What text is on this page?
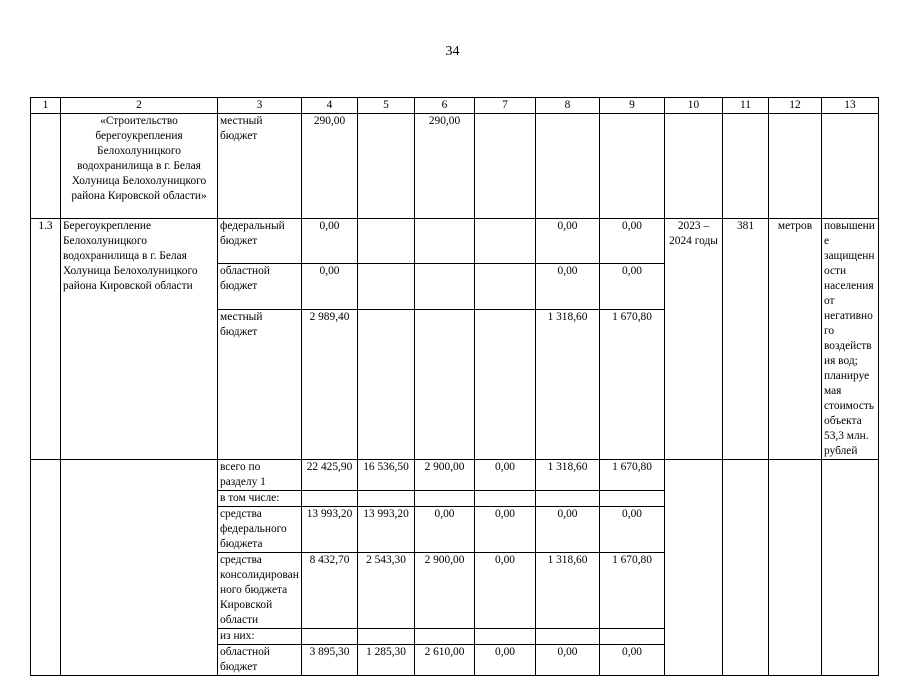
34
1	2	3	4	5	6	7	8	9	10	11	12	13
	«Строительство берегоукрепления Белохолуницкого водохранилища в г. Белая Холуница Белохолуницкого района Кировской области»	местный бюджет	290,00		290,00							
1.3	Берегоукрепление Белохолуницкого водохранилища в г. Белая Холуница Белохолуницкого района Кировской области	федеральный бюджет	0,00				0,00	0,00	2023 – 2024 годы	381	метров	повышение защищенности населения от негативного воздействия вод; планируемая стоимость объекта 53,3 млн. рублей
		областной бюджет	0,00				0,00	0,00				
		местный бюджет	2 989,40				1 318,60	1 670,80				
		всего по разделу 1	22 425,90	16 536,50	2 900,00	0,00	1 318,60	1 670,80				
		в том числе:										
		средства федерального бюджета	13 993,20	13 993,20	0,00	0,00	0,00	0,00				
		средства консолидированного бюджета Кировской области	8 432,70	2 543,30	2 900,00	0,00	1 318,60	1 670,80				
		из них:										
		областной бюджет	3 895,30	1 285,30	2 610,00	0,00	0,00	0,00				
